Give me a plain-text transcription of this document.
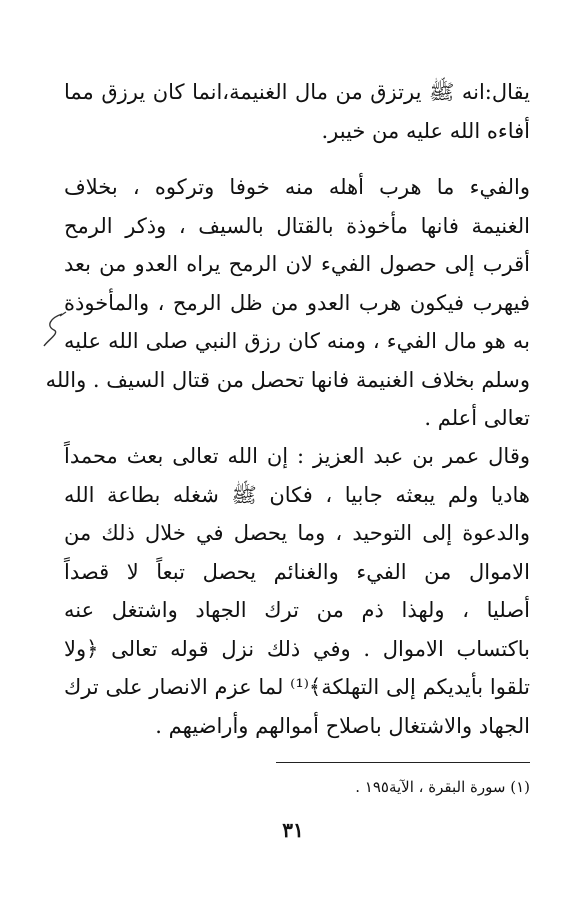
يقال:انه ﷺ يرتزق من مال الغنيمة،انما كان يرزق مما
أفاءه الله عليه من خيبر.
والفيء ما هرب أهله منه خوفا وتركوه ، بخلاف
الغنيمة فانها مأخوذة بالقتال بالسيف ، وذكر الرمح
أقرب إلى حصول الفيء لان الرمح يراه العدو من بعد
فيهرب فيكون هرب العدو من ظل الرمح ، والمأخوذة
به هو مال الفيء ، ومنه كان رزق النبي صلى الله عليه
وسلم بخلاف الغنيمة فانها تحصل من قتال السيف . والله
تعالى أعلم .
وقال عمر بن عبد العزيز : إن الله تعالى بعث محمداً
هاديا ولم يبعثه جابيا ، فكان ﷺ شغله بطاعة الله
والدعوة إلى التوحيد ، وما يحصل في خلال ذلك من
الاموال من الفيء والغنائم يحصل تبعاً لا قصداً
أصليا ، ولهذا ذم من ترك الجهاد واشتغل عنه
باكتساب الاموال . وفي ذلك نزل قوله تعالى ﴿ولا
تلقوا بأيديكم إلى التهلكة﴾⁽¹⁾ لما عزم الانصار على ترك
الجهاد والاشتغال باصلاح أموالهم وأراضيهم .
(١) سورة البقرة ، الآية١٩٥ .
٣١
